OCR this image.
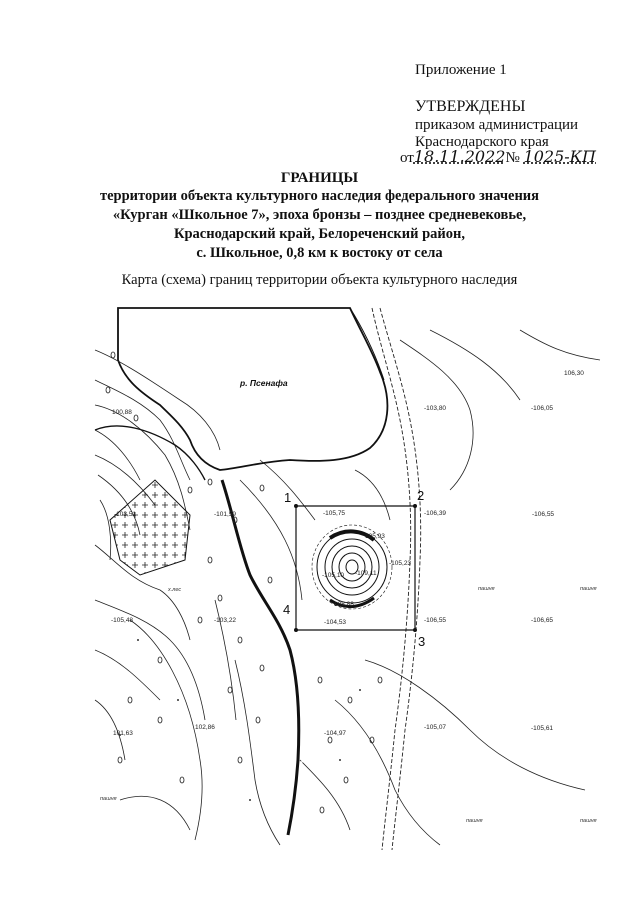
Приложение 1
УТВЕРЖДЕНЫ
приказом администрации
Краснодарского края
от18.11.2022№ 1025-КП
ГРАНИЦЫ
территории объекта культурного наследия федерального значения
«Курган «Школьное 7», эпоха бронзы – позднее средневековье,
Краснодарский край, Белореченский район,
с. Школьное, 0,8 км к востоку от села
Карта (схема) границ территории объекта культурного наследия
р. Псенафа
106,30
100,88
-103,80	-106,05
-105,75	-106,39	-106,55
-103,51	-101,59
105,93
-105,23
-105,10 -109,11
108,88
-105,48	-103,22	-104,53	-106,55	-106,65
-105,07	-105,61
102,86
-104,97
101,63
1	2
3
4
пашня	пашня
пашня
пашня	пашня
х.лес
